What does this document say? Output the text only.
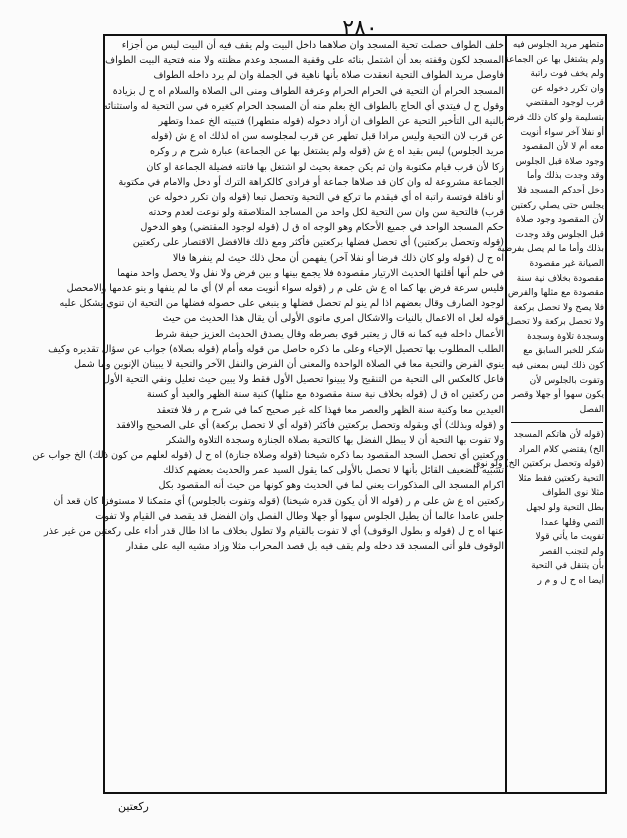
٢٨٠
خلف الطواف حصلت تحية المسجد وان صلاهما داخل البيت ولم يقف فيه أن البيت ليس من أجزاء
المسجد لكون وقفته بعد أن اشتمل بنائه على وقفية المسجد وعدم مظنته ولا منه فتحية البيت الطواف
فاوصل مريد الطواف التحية انعقدت صلاة بأنها ناهية في الجملة وان لم يرد داخله الطواف
المسجد الحرام أن التحية في الحرام الحرام وعرفة الطواف ومنى الى الصلاة والسلام اه ح ل بزيادة
وقول ح ل فيتدي أي الحاج بالطواف الخ بعلم منه أن المسجد الحرام كغيره في سن التحية له واستثنائه
بالنية الى التأخير التحية عن الطواف ان أراد دخوله (قوله متطهرا) فتبيته الخ عمدا وتطهر
عن قرب لان التحية وليس مرادا قبل تطهر عن قرب لمجلوسه سن اه لذلك اه ع ش (قوله
مريد الجلوس) ليس بقيد اه ع ش (قوله ولم يشتغل بها عن الجماعة) عبارة شرح م ر وكره
زكا لأن قرب قيام مكتوبة وان ثم يكن جمعة بحيث لو اشتغل بها فاتته فضيلة الجماعة او كان
الجماعة مشروعة له وان كان قد صلاها جماعة أو فرادى كالكراهة الترك أو دخل والامام في مكتوبة
أو نافلة فوتسة راتبة اه أي فيقدم ما تركع في التحية وتحصل تبعا (قوله وان تكرر دخوله عن
قرب) فالتحية سن وان سن التحية لكل واحد من المساجد المتلاصقة ولو نوعت لعدم وحدته
حكم المسجد الواحد في جميع الأحكام وهو الوجه اه ق ل (قوله لوجود المقتضي) وهو الدخول
(قوله وتحصل بركعتين) أي تحصل فضلها بركعتين فأكثر ومع ذلك فالافضل الاقتصار على ركعتين
اه ح ل (قوله ولو كان ذلك فرضا أو نفلا آخر) يفهمن أن محل ذلك حيث لم ينفرها فالا
في حلم أنها أقلتها الحديث الارتيار مقصودة فلا يجمع بينها و بين فرض ولا نفل ولا يحصل واحد منهما
فليس سرعة فرض بها كما اه ع ش على م ر (قوله سواء أنويت معه أم لا) أي ما لم ينفها و ينو عدمها والامحصل
لوجود الصارف وقال بعضهم اذا لم ينو لم تحصل فضلها و ينبغي على حصوله فضلها من التحية ان تنوي يشكل عليه
قوله لعل اه الاعمال بالنيات والاشكال امري ماتوى الأولى أن يقال هذا الحديث من حيث
الأعمال داخله فيه كما نه قال ز يعتبر قوي بصرطه وقال يصدق الحديث العزيز حيفة شرط
الطلب المطلوب بها تحصيل الإحياء وعلى ما ذكره حاصل من قوله وأمام (قوله بصلاة) جواب عن سؤال تقديره وكيف
ينوي الفرض والتحية معا في الصلاة الواحدة والمعنى أن الفرض والنفل الآخر والتحية لا يبينان الإنوين وما شمل
فاعل كالعكس الى التحية من التنقيح ولا يبينوا تحصيل الأول فقط ولا يبين حيث تعليل ونفي التحية الأول
من ركعتين اه ق ل (قوله بخلاف نية سنة مقصودة مع مثلها) كنية سنة الظهر والعيد أو كسنة
العيدين معا وكنية سنة الظهر والعصر معا فهذا كله غير صحيح كما في شرح م ر فلا فتعقد
و (قوله وبذلك) أي وبقوله وتحصل بركعتين فأكثر (قوله أي لا تحصل بركعة) أي على الصحيح والافقد
ولا تفوت بها التحية أن لا يبطل الفضل بها كالتحية بصلاة الجنازة وسجدة التلاوة والشكر
وركعتين أي تحصل السجد المقصود بما ذكره شيخنا (قوله وصلاة جنازة) اه ح ل (قوله لعلهم من كون ذلك) الخ جواب عن
تشبيه للضعيف القائل بأنها لا تحصل بالأولى كما يقول السيد عمر والحديث بعضهم كذلك
اكرام المسجد الى المذكورات يعني لما في الحديث وهو كونها من حيث أنه المقصود بكل
ركعتين اه ع ش على م ر (قوله الا أن يكون قدره شيخنا) (قوله وتفوت بالجلوس) أي متمكنا لا مستوفزا كان قعد أن
جلس عامدا عالما أن يطيل الجلوس سهوا أو جهلا وطال الفصل وان الفضل قد يقصد في القيام ولا تفوت
عنها اه ح ل (قوله و بطول الوقوف) أي لا تفوت بالقيام ولا تطول بخلاف ما اذا طال قدر أداء على ركعتين من غير عذر
الوقوف فلو أتى المسجد قد دخله ولم يقف فيه بل قصد المحراب مثلا وزاد مشيه اليه على مقدار
متطهر مريد الجلوس فيه
ولم يشتغل بها عن الجماعة
ولم يخف فوت راتبة
وان تكرر دخوله عن
قرب لوجود المقتضي
بتسليمة ولو كان ذلك فرضا
أو نفلا آخر سواء أنويت
معه أم لا لأن المقصود
وجود صلاة قبل الجلوس
وقد وجدت بذلك وأما
دخل أحدكم المسجد فلا
يجلس حتى يصلي ركعتين
لأن المقصود وجود صلاة
قبل الجلوس وقد وجدت
بذلك وأما ما لم يصل بفرضية
الصيانة غير مقصودة
مقصودة بخلاف نية سنة
مقصودة مع مثلها والفرض
فلا يصح ولا تحصل بركعة
ولا تحصل بركعة ولا تحصل
وسجدة تلاوة وسجدة
شكر للخبر السابق مع
كون ذلك ليس بمعنى فيه
وتفوت بالجلوس لأن
يكون سهوا أو جهلا وقصر
الفصل
(قوله لأن هاتكم المسجد
الخ) يقتضي كلام المراد
(قوله وتحصل بركعتين الخ) ولو نوى
التحية ركعتين فقط مثلا
مثلا نوى الطواف
بطل التحية ولو لجهل
التمي وقلها عمدا
تفويت ما يأتي قولا
ولم لتجنب القصر
بأن يتنقل في التحية
أيضا اه ح ل و م ر
ركعتين
